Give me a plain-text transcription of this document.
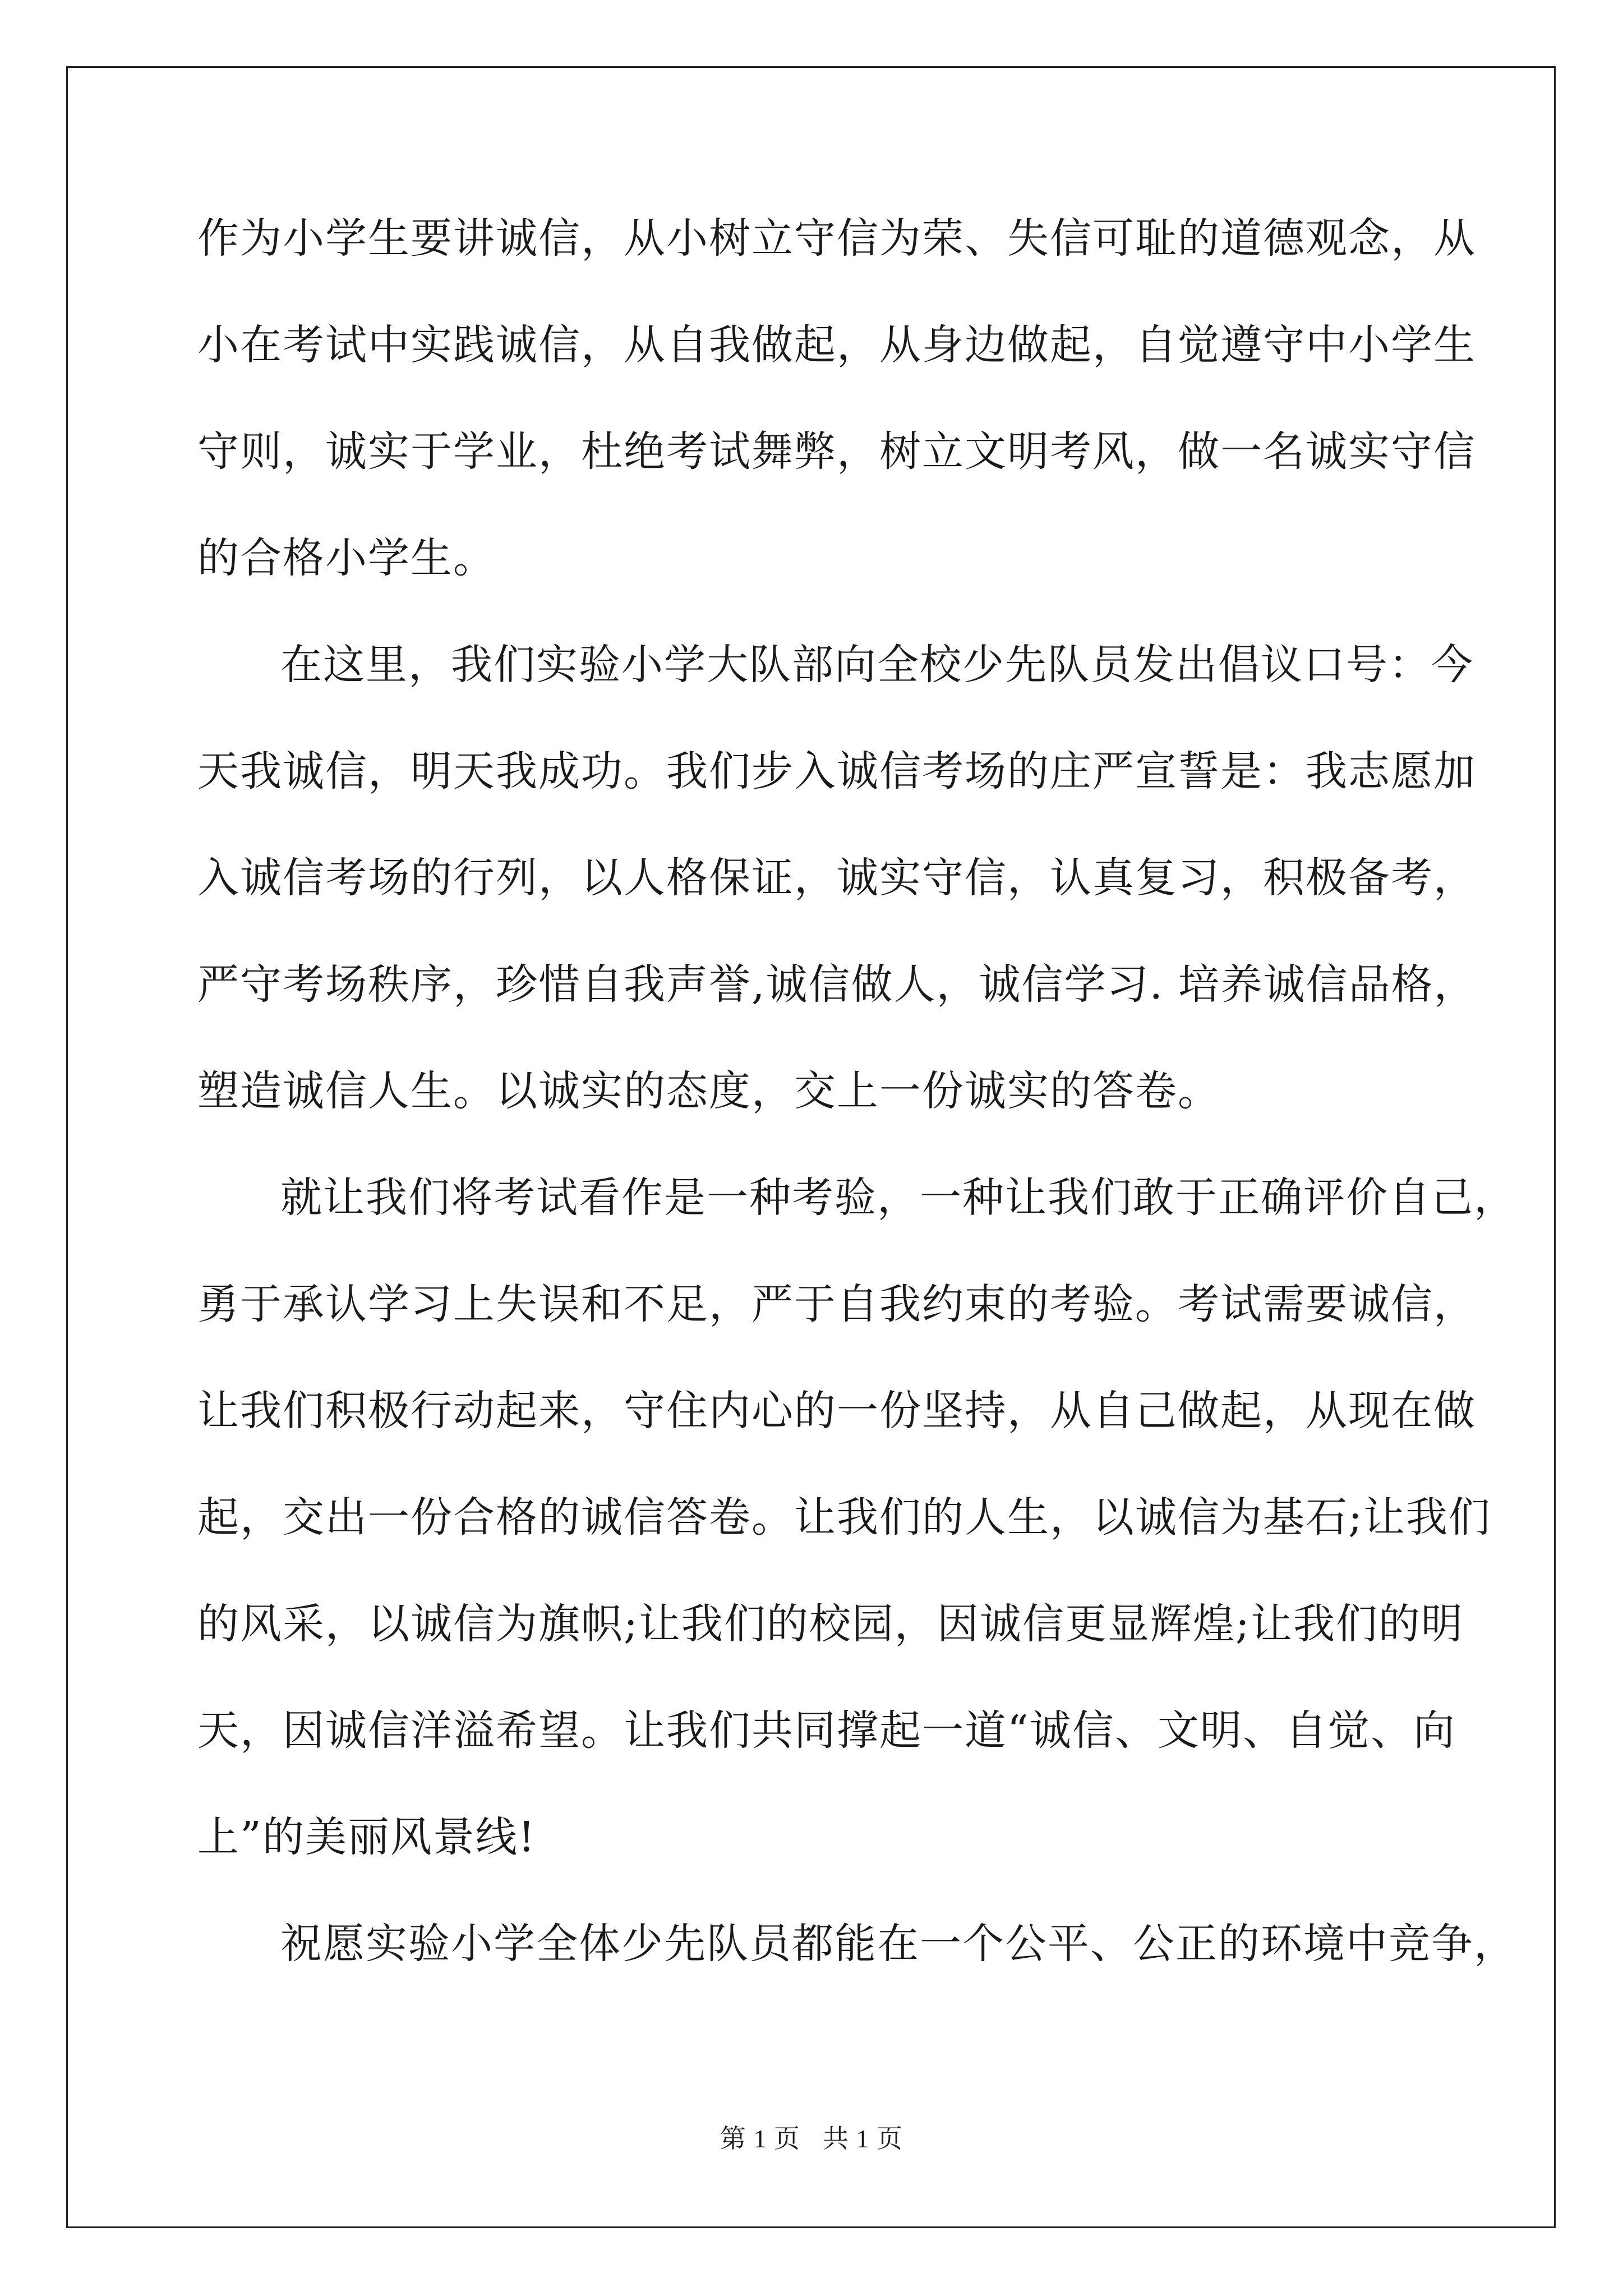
作为小学生要讲诚信，从小树立守信为荣、失信可耻的道德观念，从
小在考试中实践诚信，从自我做起，从身边做起，自觉遵守中小学生
守则，诚实于学业，杜绝考试舞弊，树立文明考风，做一名诚实守信
的合格小学生。
在这里，我们实验小学大队部向全校少先队员发出倡议口号：今
天我诚信，明天我成功。我们步入诚信考场的庄严宣誓是：我志愿加
入诚信考场的行列，以人格保证，诚实守信，认真复习，积极备考，
严守考场秩序，珍惜自我声誉,诚信做人，诚信学习. 培养诚信品格，
塑造诚信人生。以诚实的态度，交上一份诚实的答卷。
就让我们将考试看作是一种考验，一种让我们敢于正确评价自己，
勇于承认学习上失误和不足，严于自我约束的考验。考试需要诚信，
让我们积极行动起来，守住内心的一份坚持，从自己做起，从现在做
起，交出一份合格的诚信答卷。让我们的人生，以诚信为基石;让我们
的风采，以诚信为旗帜;让我们的校园，因诚信更显辉煌;让我们的明
天，因诚信洋溢希望。让我们共同撑起一道“诚信、文明、自觉、向
上”的美丽风景线!
祝愿实验小学全体少先队员都能在一个公平、公正的环境中竞争，
第 1 页 共 1 页
